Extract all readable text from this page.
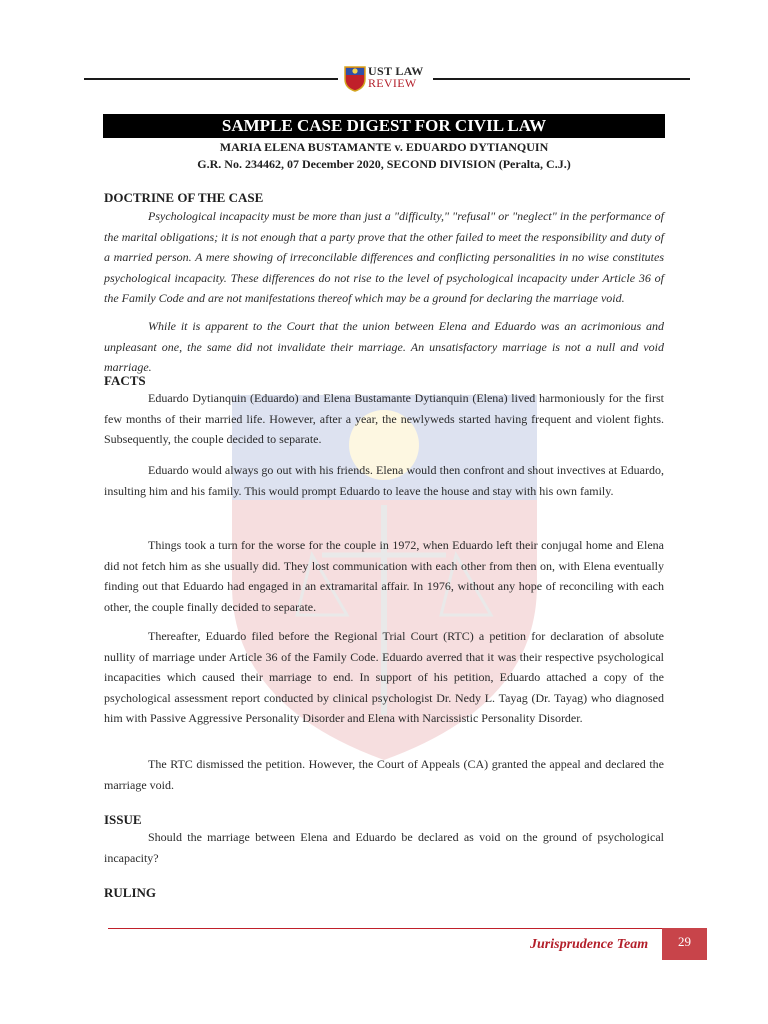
UST LAW
REVIEW
SAMPLE CASE DIGEST FOR CIVIL LAW
MARIA ELENA BUSTAMANTE v. EDUARDO DYTIANQUIN
G.R. No. 234462, 07 December 2020, SECOND DIVISION (Peralta, C.J.)
DOCTRINE OF THE CASE
Psychological incapacity must be more than just a "difficulty," "refusal" or "neglect" in the performance of the marital obligations; it is not enough that a party prove that the other failed to meet the responsibility and duty of a married person. A mere showing of irreconcilable differences and conflicting personalities in no wise constitutes psychological incapacity. These differences do not rise to the level of psychological incapacity under Article 36 of the Family Code and are not manifestations thereof which may be a ground for declaring the marriage void.
While it is apparent to the Court that the union between Elena and Eduardo was an acrimonious and unpleasant one, the same did not invalidate their marriage. An unsatisfactory marriage is not a null and void marriage.
FACTS
Eduardo Dytianquin (Eduardo) and Elena Bustamante Dytianquin (Elena) lived harmoniously for the first few months of their married life. However, after a year, the newlyweds started having frequent and violent fights. Subsequently, the couple decided to separate.
Eduardo would always go out with his friends. Elena would then confront and shout invectives at Eduardo, insulting him and his family. This would prompt Eduardo to leave the house and stay with his own family.
Things took a turn for the worse for the couple in 1972, when Eduardo left their conjugal home and Elena did not fetch him as she usually did. They lost communication with each other from then on, with Elena eventually finding out that Eduardo had engaged in an extramarital affair. In 1976, without any hope of reconciling with each other, the couple finally decided to separate.
Thereafter, Eduardo filed before the Regional Trial Court (RTC) a petition for declaration of absolute nullity of marriage under Article 36 of the Family Code. Eduardo averred that it was their respective psychological incapacities which caused their marriage to end. In support of his petition, Eduardo attached a copy of the psychological assessment report conducted by clinical psychologist Dr. Nedy L. Tayag (Dr. Tayag) who diagnosed him with Passive Aggressive Personality Disorder and Elena with Narcissistic Personality Disorder.
The RTC dismissed the petition. However, the Court of Appeals (CA) granted the appeal and declared the marriage void.
ISSUE
Should the marriage between Elena and Eduardo be declared as void on the ground of psychological incapacity?
RULING
Jurisprudence Team	29
